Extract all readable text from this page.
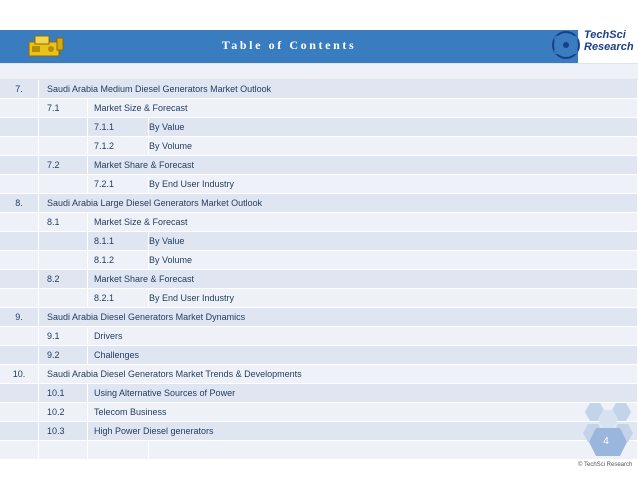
Table of Contents
TechSci
Research
7.	Saudi Arabia Medium Diesel Generators Market Outlook		
	7.1	Market Size & Forecast	
		7.1.1	By Value
		7.1.2	By Volume
	7.2	Market Share & Forecast	
		7.2.1	By End User Industry
8.	Saudi Arabia Large Diesel Generators Market Outlook		
	8.1	Market Size & Forecast	
		8.1.1	By Value
		8.1.2	By Volume
	8.2	Market Share & Forecast	
		8.2.1	By End User Industry
9.	Saudi Arabia Diesel Generators Market Dynamics		
	9.1	Drivers	
	9.2	Challenges	
10.	Saudi Arabia Diesel Generators Market Trends & Developments		
	10.1	Using Alternative Sources of Power	
	10.2	Telecom Business	
	10.3	High Power Diesel generators	

4
© TechSci Research
